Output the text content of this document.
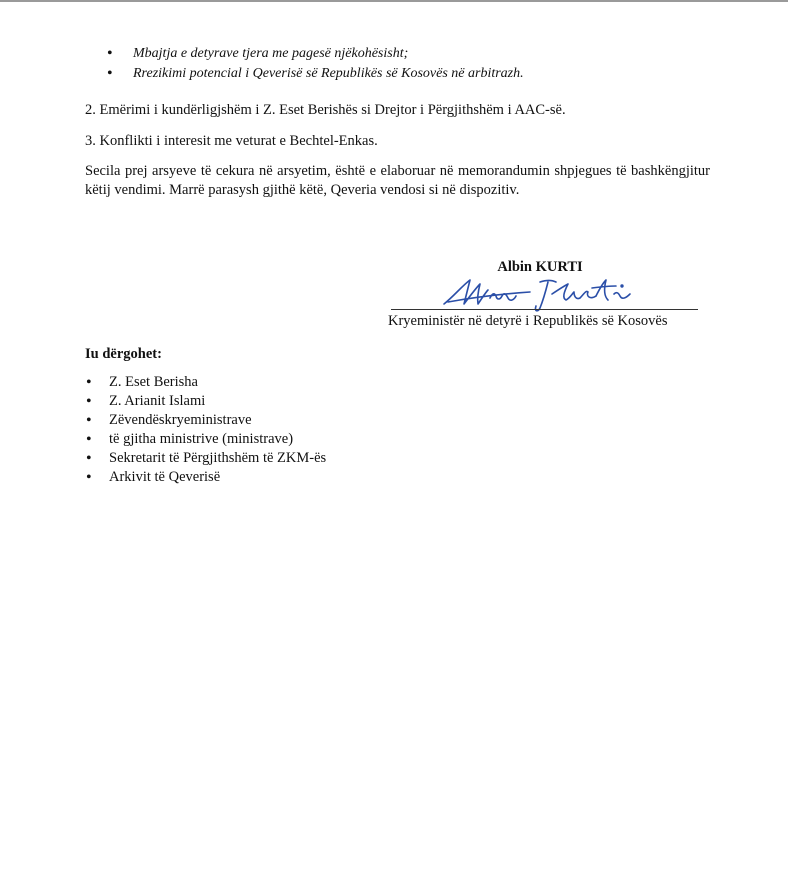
• Mbajtja e detyrave tjera me pagesë njëkohësisht;
• Rrezikimi potencial i Qeverisë së Republikës së Kosovës në arbitrazh.

2. Emërimi i kundërligjshëm i Z. Eset Berishës si Drejtor i Përgjithshëm i AAC-së.

3. Konflikti i interesit me veturat e Bechtel-Enkas.

Secila prej arsyeve të cekura në arsyetim, është e elaboruar në memorandumin shpjegues të bashkëngjitur këtij vendimi. Marrë parasysh gjithë këtë, Qeveria vendosi si në dispozitiv.

Albin KURTI
Kryeministër në detyrë i Republikës së Kosovës
Iu dërgohet:
• Z. Eset Berisha
• Z. Arianit Islami
• Zëvendëskryeministrave
• të gjitha ministrive (ministrave)
• Sekretarit të Përgjithshëm të ZKM-ës
• Arkivit të Qeverisë
